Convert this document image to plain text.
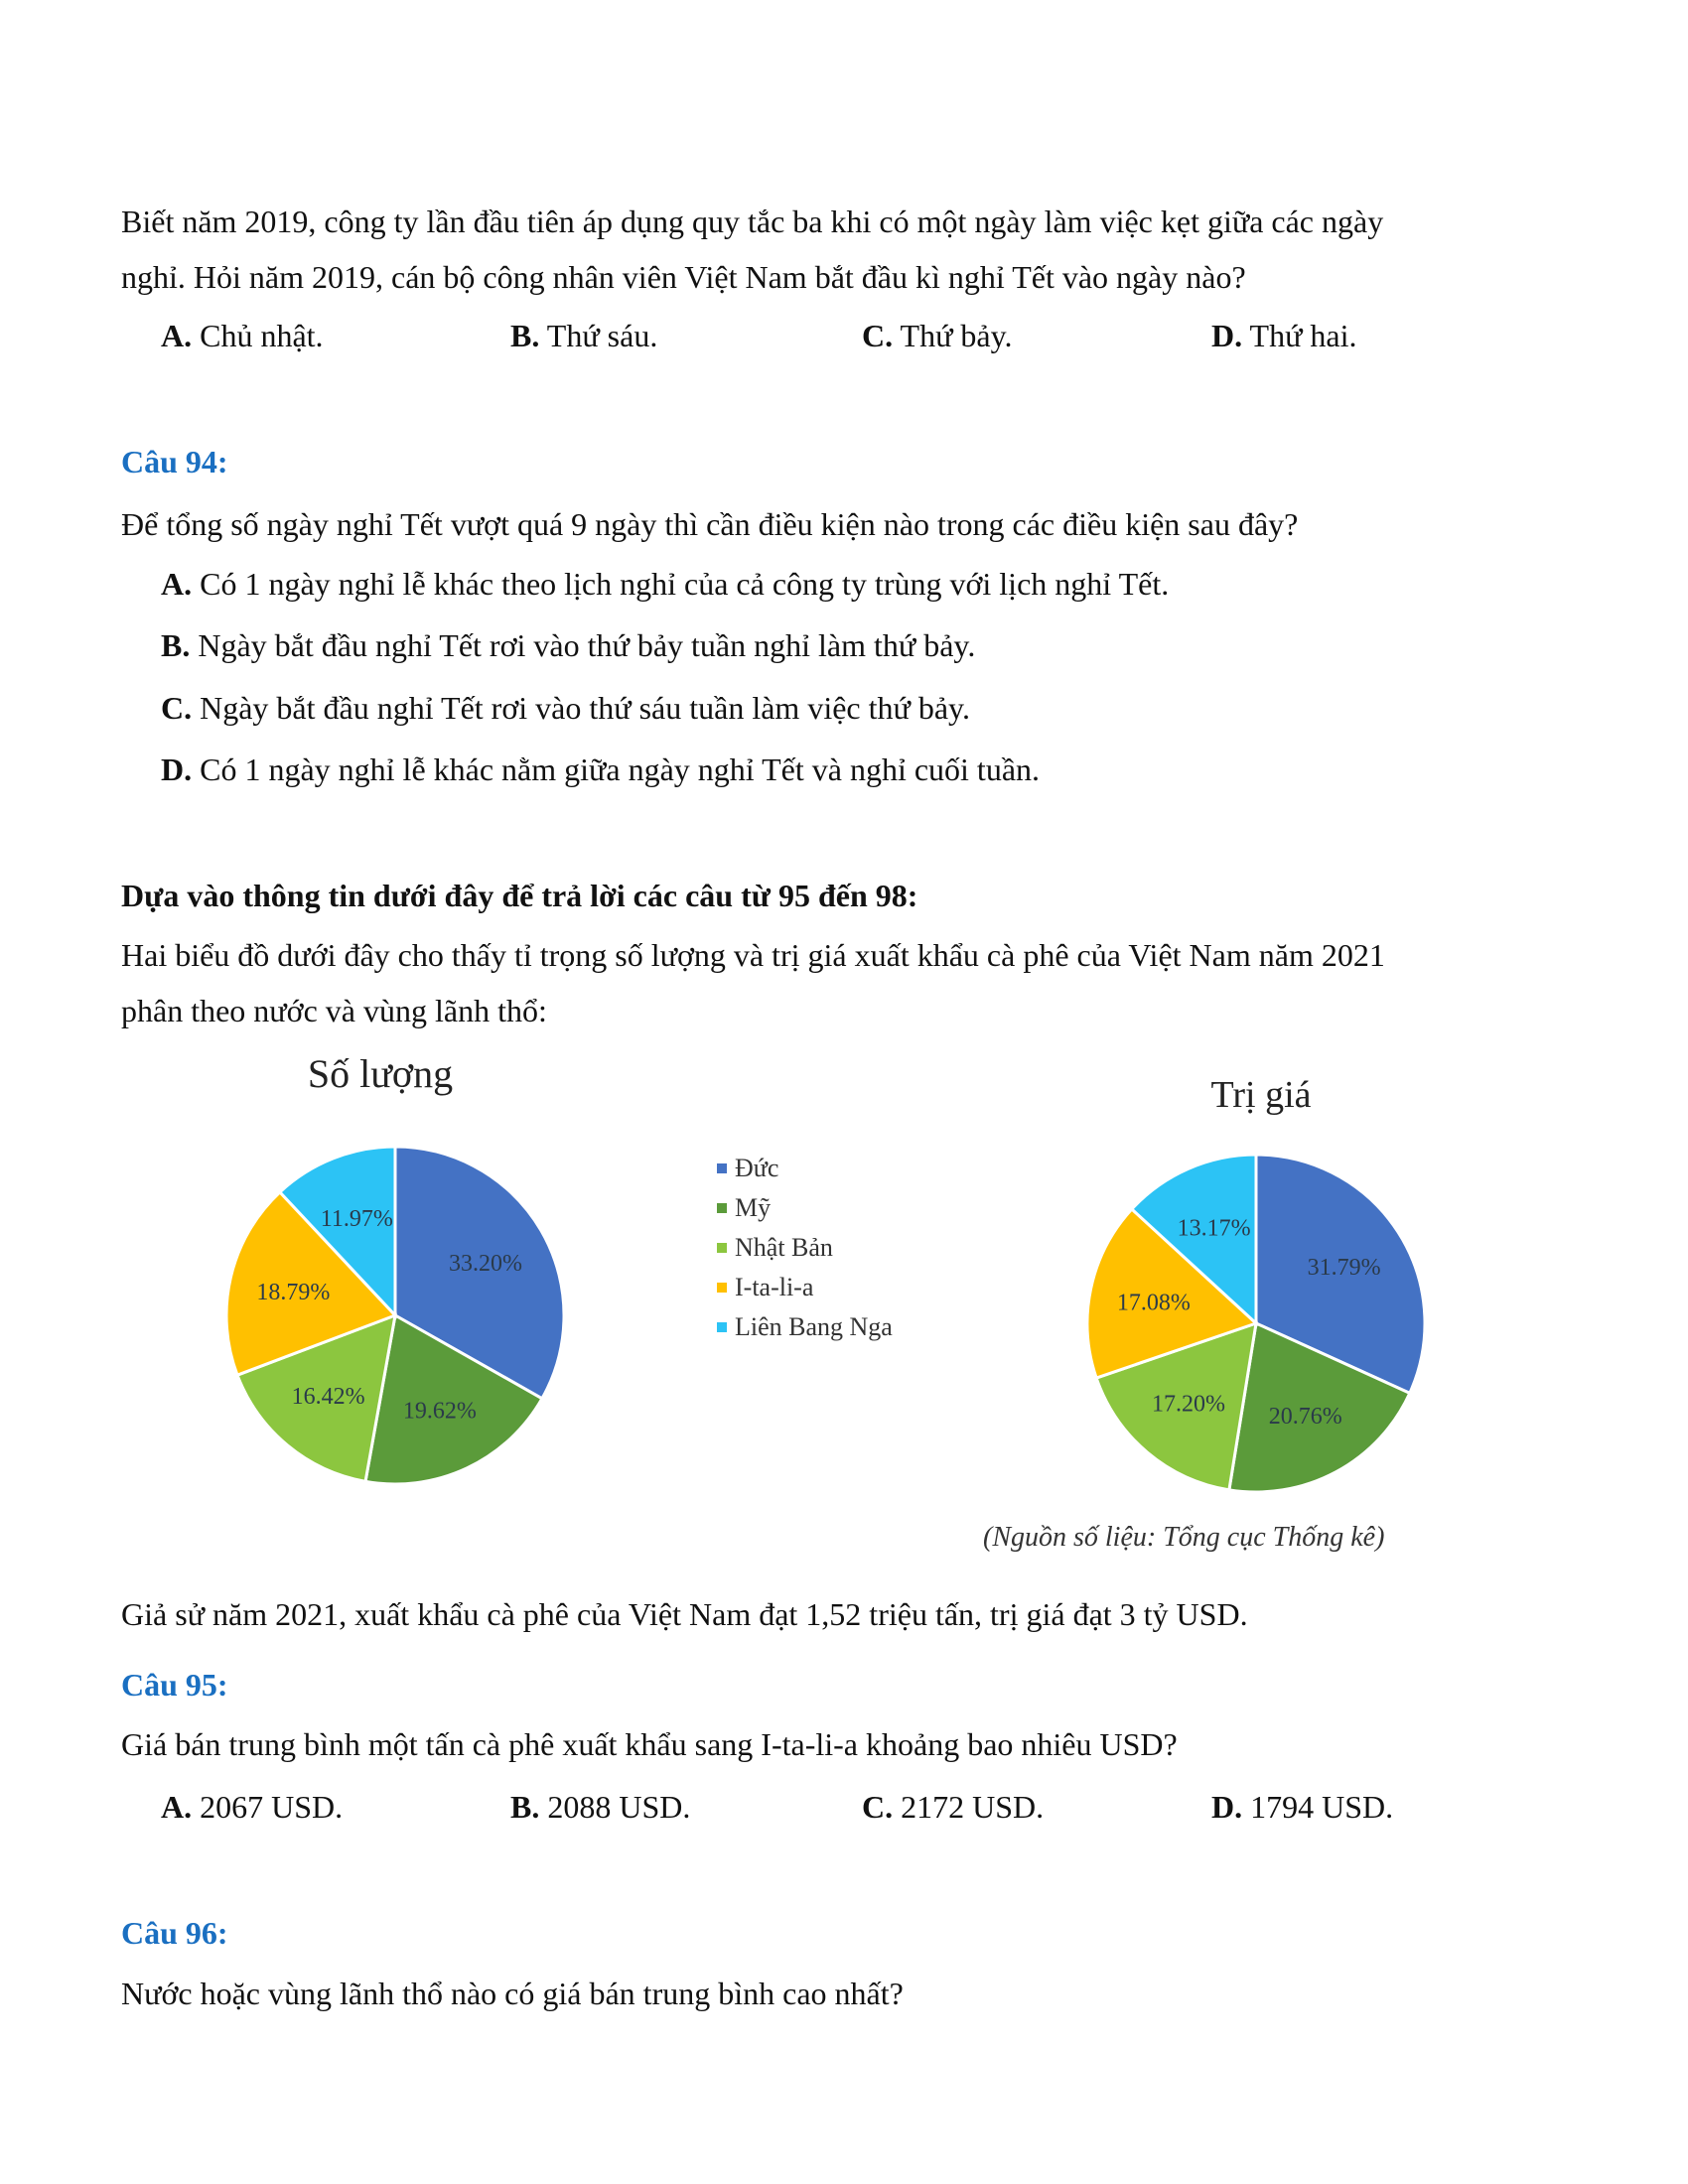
Biết năm 2019, công ty lần đầu tiên áp dụng quy tắc ba khi có một ngày làm việc kẹt giữa các ngày

nghỉ. Hỏi năm 2019, cán bộ công nhân viên Việt Nam bắt đầu kì nghỉ Tết vào ngày nào?

A. Chủ nhật.	B. Thứ sáu.	C. Thứ bảy.	D. Thứ hai.
Câu 94:

Để tổng số ngày nghỉ Tết vượt quá 9 ngày thì cần điều kiện nào trong các điều kiện sau đây?

A. Có 1 ngày nghỉ lễ khác theo lịch nghỉ của cả công ty trùng với lịch nghỉ Tết.
B. Ngày bắt đầu nghỉ Tết rơi vào thứ bảy tuần nghỉ làm thứ bảy.
C. Ngày bắt đầu nghỉ Tết rơi vào thứ sáu tuần làm việc thứ bảy.
D. Có 1 ngày nghỉ lễ khác nằm giữa ngày nghỉ Tết và nghỉ cuối tuần.
Dựa vào thông tin dưới đây để trả lời các câu từ 95 đến 98:

Hai biểu đồ dưới đây cho thấy tỉ trọng số lượng và trị giá xuất khẩu cà phê của Việt Nam năm 2021

phân theo nước và vùng lãnh thổ:

Số lượng	Trị giá
33.20%
19.62%
16.42%
18.79%
11.97%
31.79%
20.76%
17.20%
17.08%
13.17%
Đức
Mỹ
Nhật Bản
I-ta-li-a
Liên Bang Nga
(Nguồn số liệu: Tổng cục Thống kê)

Giả sử năm 2021, xuất khẩu cà phê của Việt Nam đạt 1,52 triệu tấn, trị giá đạt 3 tỷ USD.

Câu 95:

Giá bán trung bình một tấn cà phê xuất khẩu sang I-ta-li-a khoảng bao nhiêu USD?

A. 2067 USD.	B. 2088 USD.	C. 2172 USD.	D. 1794 USD.
Câu 96:

Nước hoặc vùng lãnh thổ nào có giá bán trung bình cao nhất?
